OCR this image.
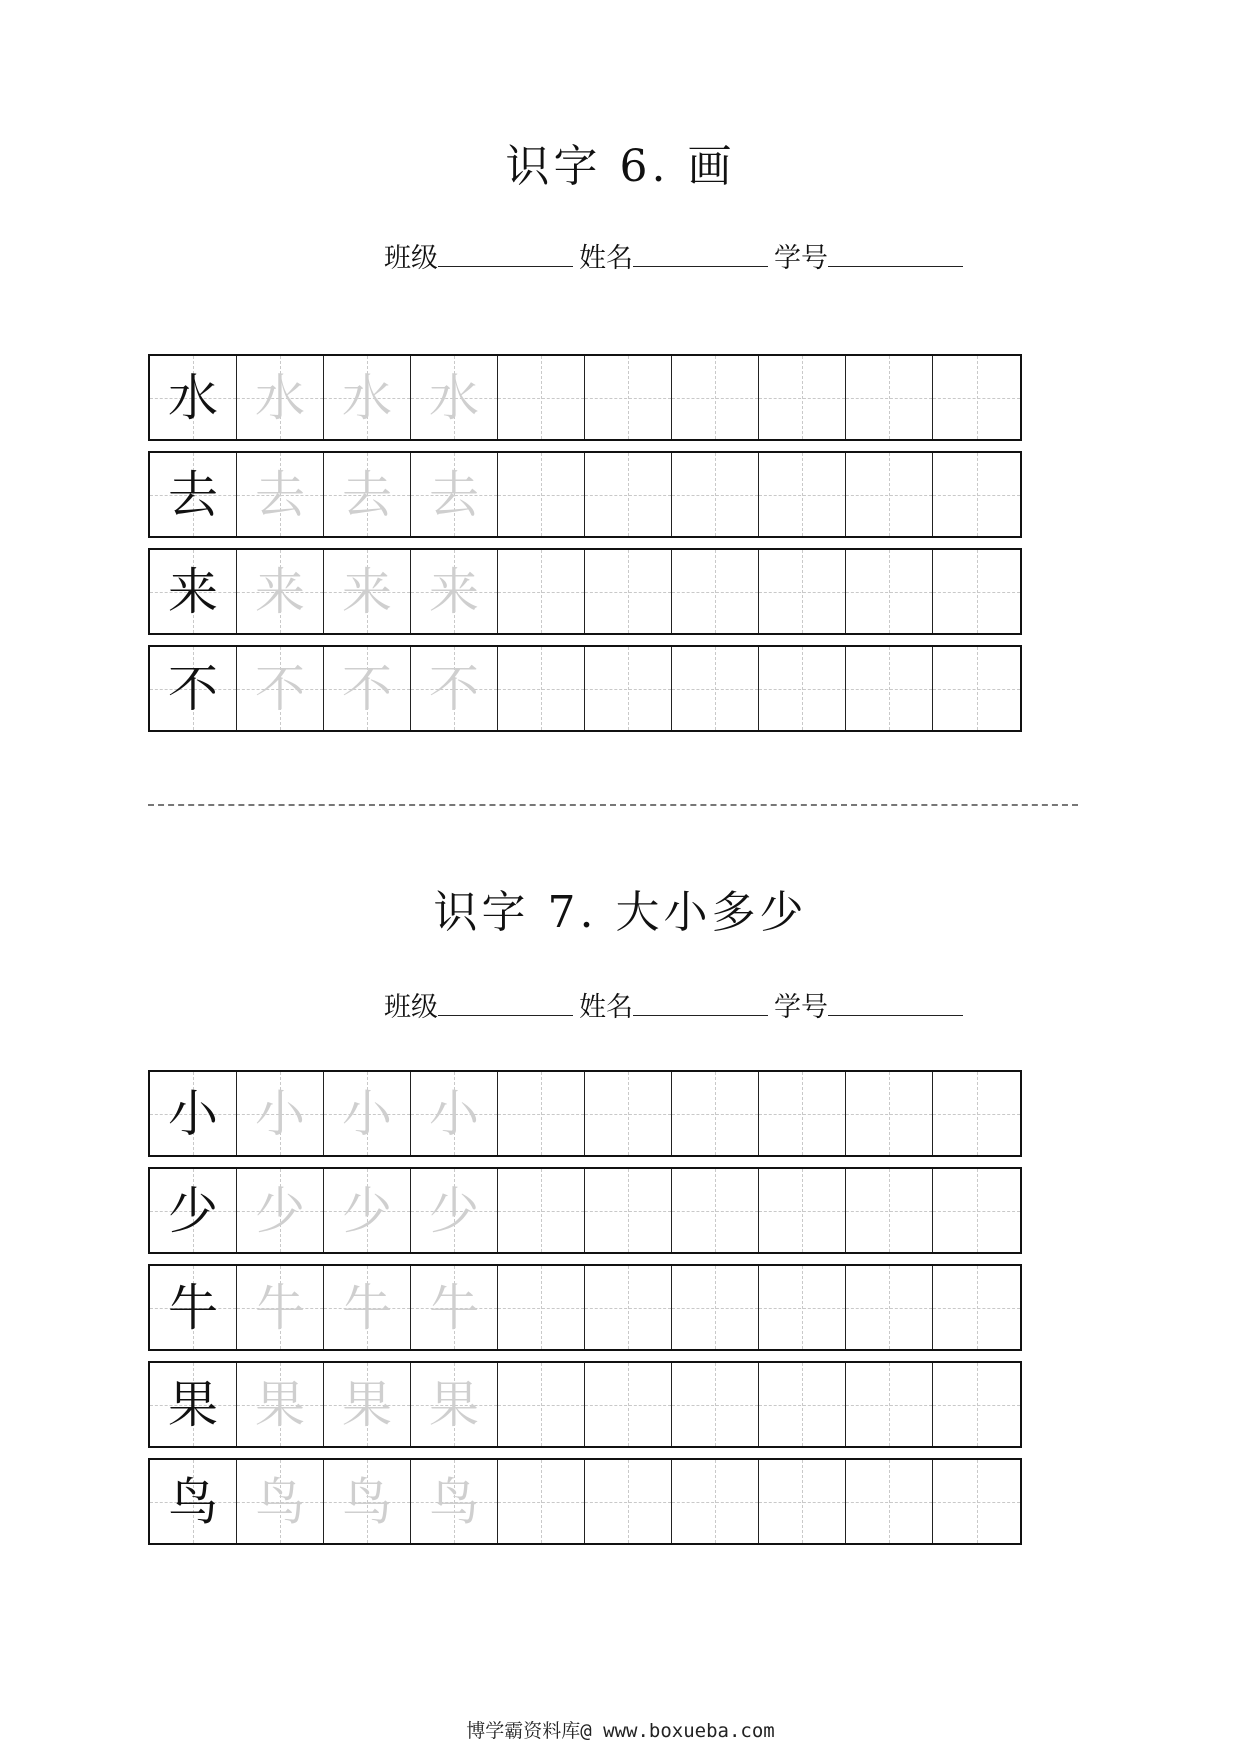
识字 6. 画
班级	姓名	学号
水 水 水 水
去 去 去 去
来 来 来 来
不 不 不 不
识字 7. 大小多少
班级	姓名	学号
小 小 小 小
少 少 少 少
牛 牛 牛 牛
果 果 果 果
鸟 鸟 鸟 鸟
博学霸资料库@ www.boxueba.com
